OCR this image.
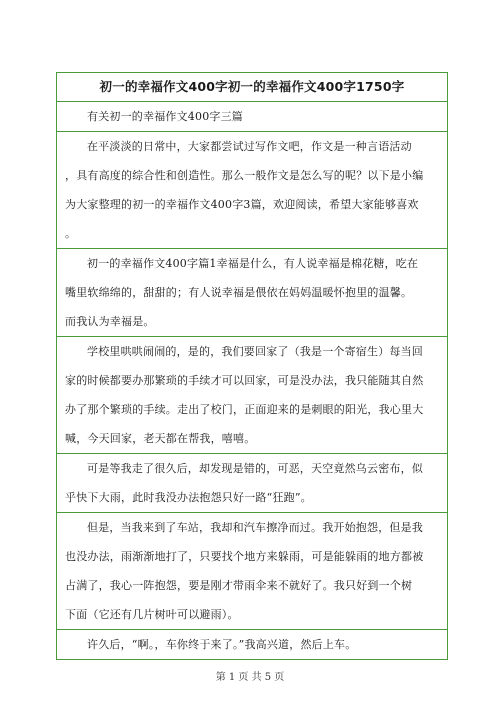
初一的幸福作文400字初一的幸福作文400字1750字
有关初一的幸福作文400字三篇
在平淡淡的日常中，大家都尝试过写作文吧，作文是一种言语活动
，具有高度的综合性和创造性。那么一般作文是怎么写的呢？以下是小编
为大家整理的初一的幸福作文400字3篇，欢迎阅读，希望大家能够喜欢
。
初一的幸福作文400字篇1幸福是什么，有人说幸福是棉花糖，吃在
嘴里软绵绵的，甜甜的；有人说幸福是偎依在妈妈温暖怀抱里的温馨。
而我认为幸福是。
学校里哄哄闹闹的，是的，我们要回家了（我是一个寄宿生）每当回
家的时候都要办那繁琐的手续才可以回家，可是没办法，我只能随其自然
办了那个繁琐的手续。走出了校门，正面迎来的是刺眼的阳光，我心里大
喊，今天回家，老天都在帮我，嘻嘻。
可是等我走了很久后，却发现是错的，可恶，天空竟然乌云密布，似
乎快下大雨，此时我没办法抱怨只好一路“狂跑”。
但是，当我来到了车站，我却和汽车擦净而过。我开始抱怨，但是我
也没办法，雨渐渐地打了，只要找个地方来躲雨，可是能躲雨的地方都被
占满了，我心一阵抱怨，要是刚才带雨伞来不就好了。我只好到一个树
下面（它还有几片树叶可以避雨）。
许久后，“啊。，车你终于来了。”我高兴道，然后上车。
第 1 页 共 5 页
